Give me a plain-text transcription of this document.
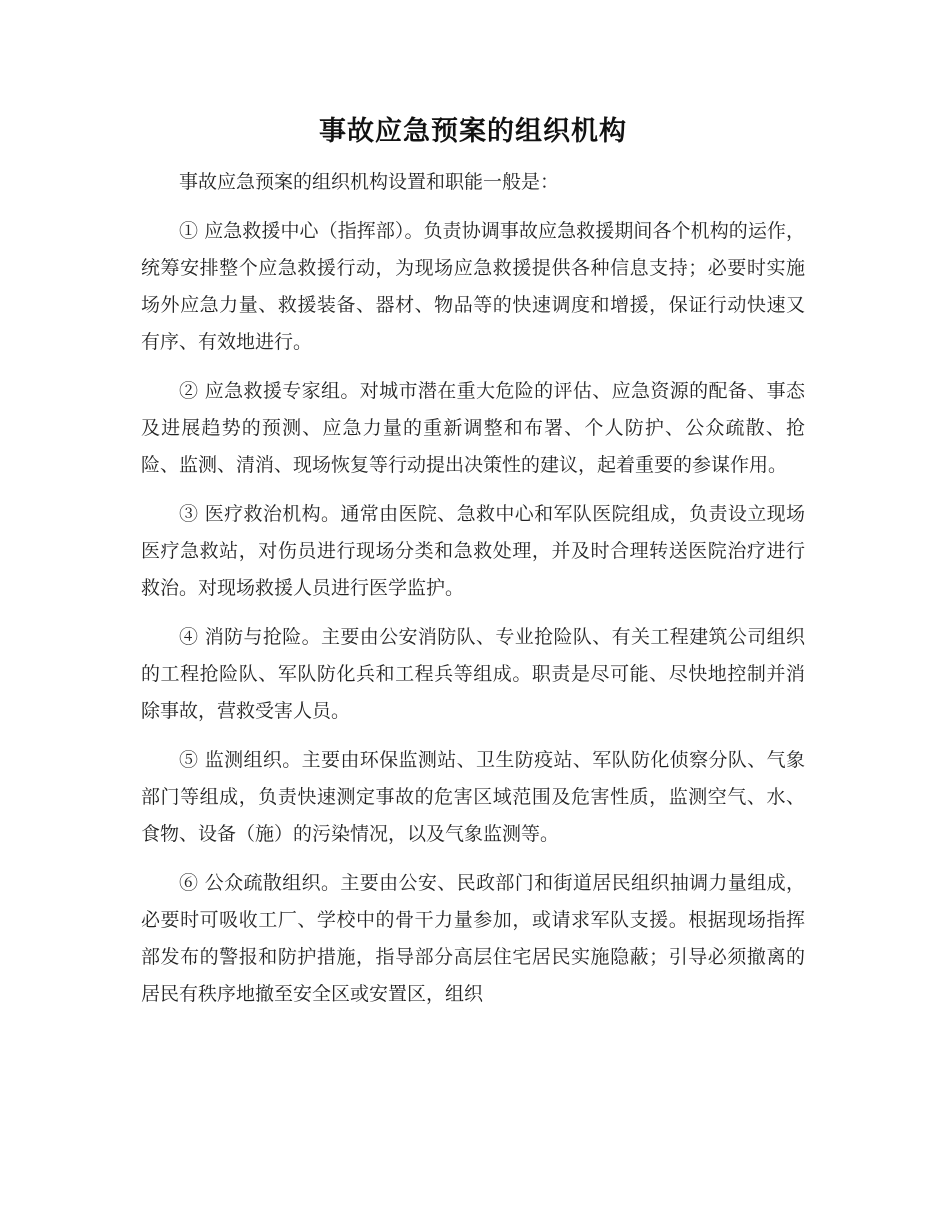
事故应急预案的组织机构

事故应急预案的组织机构设置和职能一般是：

① 应急救援中心（指挥部）。负责协调事故应急救援期间各个机构的运作，统筹安排整个应急救援行动，为现场应急救援提供各种信息支持；必要时实施场外应急力量、救援装备、器材、物品等的快速调度和增援，保证行动快速又有序、有效地进行。

② 应急救援专家组。对城市潜在重大危险的评估、应急资源的配备、事态及进展趋势的预测、应急力量的重新调整和布署、个人防护、公众疏散、抢险、监测、清消、现场恢复等行动提出决策性的建议，起着重要的参谋作用。

③ 医疗救治机构。通常由医院、急救中心和军队医院组成，负责设立现场医疗急救站，对伤员进行现场分类和急救处理，并及时合理转送医院治疗进行救治。对现场救援人员进行医学监护。

④ 消防与抢险。主要由公安消防队、专业抢险队、有关工程建筑公司组织的工程抢险队、军队防化兵和工程兵等组成。职责是尽可能、尽快地控制并消除事故，营救受害人员。

⑤ 监测组织。主要由环保监测站、卫生防疫站、军队防化侦察分队、气象部门等组成，负责快速测定事故的危害区域范围及危害性质，监测空气、水、食物、设备（施）的污染情况，以及气象监测等。

⑥ 公众疏散组织。主要由公安、民政部门和街道居民组织抽调力量组成，必要时可吸收工厂、学校中的骨干力量参加，或请求军队支援。根据现场指挥部发布的警报和防护措施，指导部分高层住宅居民实施隐蔽；引导必须撤离的居民有秩序地撤至安全区或安置区，组织
